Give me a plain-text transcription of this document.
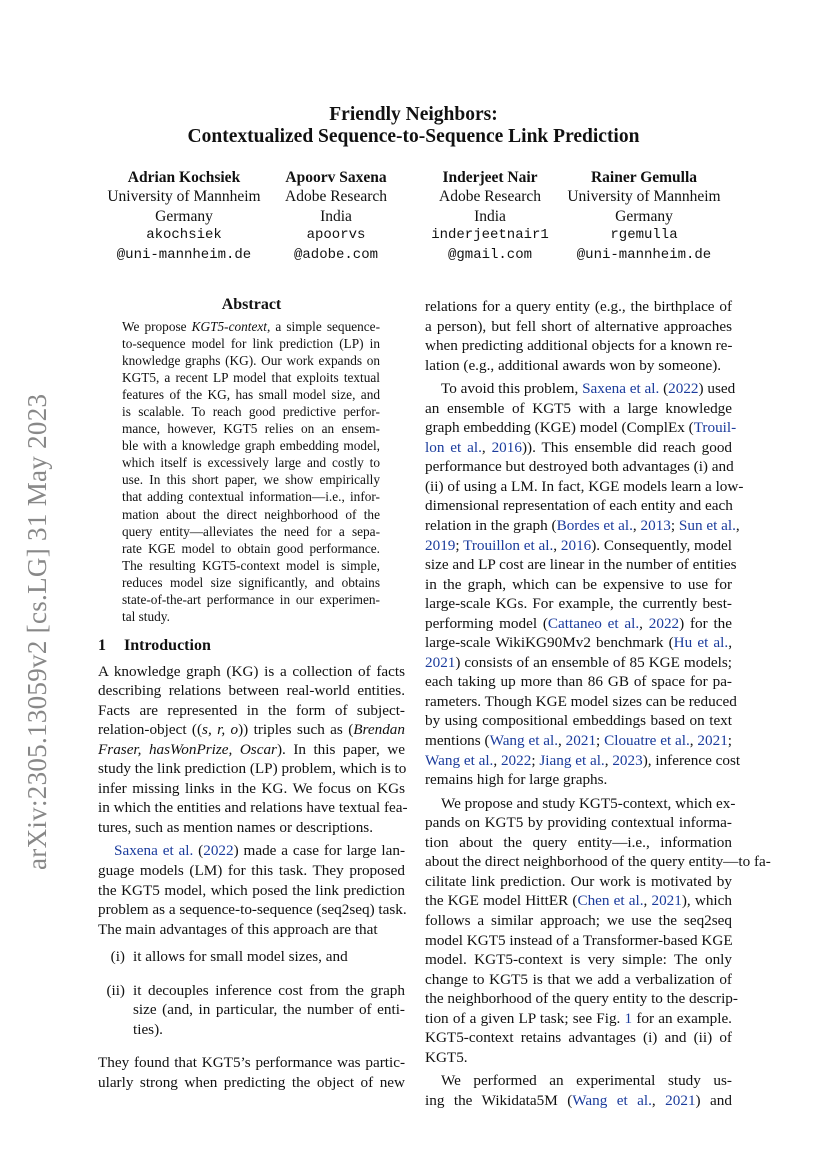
arXiv:2305.13059v2 [cs.LG] 31 May 2023
Friendly Neighbors:
Contextualized Sequence-to-Sequence Link Prediction
Adrian Kochsiek
University of Mannheim
Germany
akochsiek
@uni-mannheim.de
Apoorv Saxena
Adobe Research
India
apoorvs
@adobe.com
Inderjeet Nair
Adobe Research
India
inderjeetnair1
@gmail.com
Rainer Gemulla
University of Mannheim
Germany
rgemulla
@uni-mannheim.de
Abstract
We propose KGT5-context, a simple sequence-
to-sequence model for link prediction (LP) in
knowledge graphs (KG). Our work expands on
KGT5, a recent LP model that exploits textual
features of the KG, has small model size, and
is scalable. To reach good predictive perfor-
mance, however, KGT5 relies on an ensem-
ble with a knowledge graph embedding model,
which itself is excessively large and costly to
use. In this short paper, we show empirically
that adding contextual information—i.e., infor-
mation about the direct neighborhood of the
query entity—alleviates the need for a sepa-
rate KGE model to obtain good performance.
The resulting KGT5-context model is simple,
reduces model size significantly, and obtains
state-of-the-art performance in our experimen-
tal study.
1 Introduction
A knowledge graph (KG) is a collection of facts
describing relations between real-world entities.
Facts are represented in the form of subject-
relation-object ((s, r, o)) triples such as (Brendan
Fraser, hasWonPrize, Oscar). In this paper, we
study the link prediction (LP) problem, which is to
infer missing links in the KG. We focus on KGs
in which the entities and relations have textual fea-
tures, such as mention names or descriptions.
Saxena et al. (2022) made a case for large lan-
guage models (LM) for this task. They proposed
the KGT5 model, which posed the link prediction
problem as a sequence-to-sequence (seq2seq) task.
The main advantages of this approach are that
(i) it allows for small model sizes, and
(ii) it decouples inference cost from the graph
size (and, in particular, the number of enti-
ties).
They found that KGT5’s performance was partic-
ularly strong when predicting the object of new
relations for a query entity (e.g., the birthplace of
a person), but fell short of alternative approaches
when predicting additional objects for a known re-
lation (e.g., additional awards won by someone).
To avoid this problem, Saxena et al. (2022) used
an ensemble of KGT5 with a large knowledge
graph embedding (KGE) model (ComplEx (Trouil-
lon et al., 2016)). This ensemble did reach good
performance but destroyed both advantages (i) and
(ii) of using a LM. In fact, KGE models learn a low-
dimensional representation of each entity and each
relation in the graph (Bordes et al., 2013; Sun et al.,
2019; Trouillon et al., 2016). Consequently, model
size and LP cost are linear in the number of entities
in the graph, which can be expensive to use for
large-scale KGs. For example, the currently best-
performing model (Cattaneo et al., 2022) for the
large-scale WikiKG90Mv2 benchmark (Hu et al.,
2021) consists of an ensemble of 85 KGE models;
each taking up more than 86 GB of space for pa-
rameters. Though KGE model sizes can be reduced
by using compositional embeddings based on text
mentions (Wang et al., 2021; Clouatre et al., 2021;
Wang et al., 2022; Jiang et al., 2023), inference cost
remains high for large graphs.
We propose and study KGT5-context, which ex-
pands on KGT5 by providing contextual informa-
tion about the query entity—i.e., information
about the direct neighborhood of the query entity—to fa-
cilitate link prediction. Our work is motivated by
the KGE model HittER (Chen et al., 2021), which
follows a similar approach; we use the seq2seq
model KGT5 instead of a Transformer-based KGE
model. KGT5-context is very simple: The only
change to KGT5 is that we add a verbalization of
the neighborhood of the query entity to the descrip-
tion of a given LP task; see Fig. 1 for an example.
KGT5-context retains advantages (i) and (ii) of
KGT5.
We performed an experimental study us-
ing the Wikidata5M (Wang et al., 2021) and
